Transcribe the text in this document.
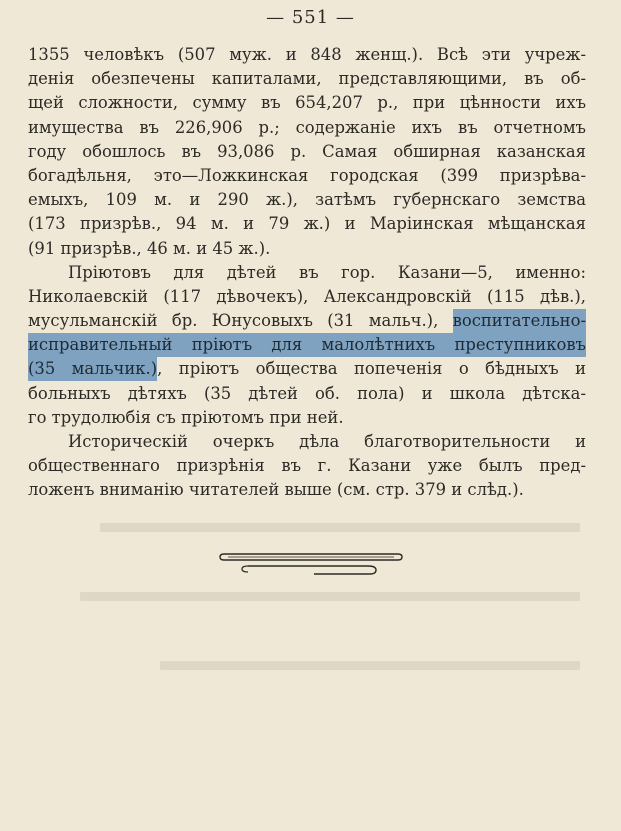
— 551 —
1355 человѣкъ (507 муж. и 848 женщ.). Всѣ эти учреж-
денія обезпечены капиталами, представляющими, въ об-
щей сложности, сумму въ 654,207 р., при цѣнности ихъ
имущества въ 226,906 р.; содержаніе ихъ въ отчетномъ
году обошлось въ 93,086 р. Самая обширная казанская
богадѣльня, это—Ложкинская городская (399 призрѣва-
емыхъ, 109 м. и 290 ж.), затѣмъ губернскаго земства
(173 призрѣв., 94 м. и 79 ж.) и Маріинская мѣщанская
(91 призрѣв., 46 м. и 45 ж.).
Пріютовъ для дѣтей въ гор. Казани—5, именно:
Николаевскій (117 дѣвочекъ), Александровскій (115 дѣв.),
мусульманскій бр. Юнусовыхъ (31 мальч.), воспитательно-
исправительный пріютъ для малолѣтнихъ преступниковъ
(35 мальчик.), пріютъ общества попеченія о бѣдныхъ и
больныхъ дѣтяхъ (35 дѣтей об. пола) и школа дѣтска-
го трудолюбія съ пріютомъ при ней.
Историческій очеркъ дѣла благотворительности и
общественнаго призрѣнія въ г. Казани уже былъ пред-
ложенъ вниманію читателей выше (см. стр. 379 и слѣд.).
